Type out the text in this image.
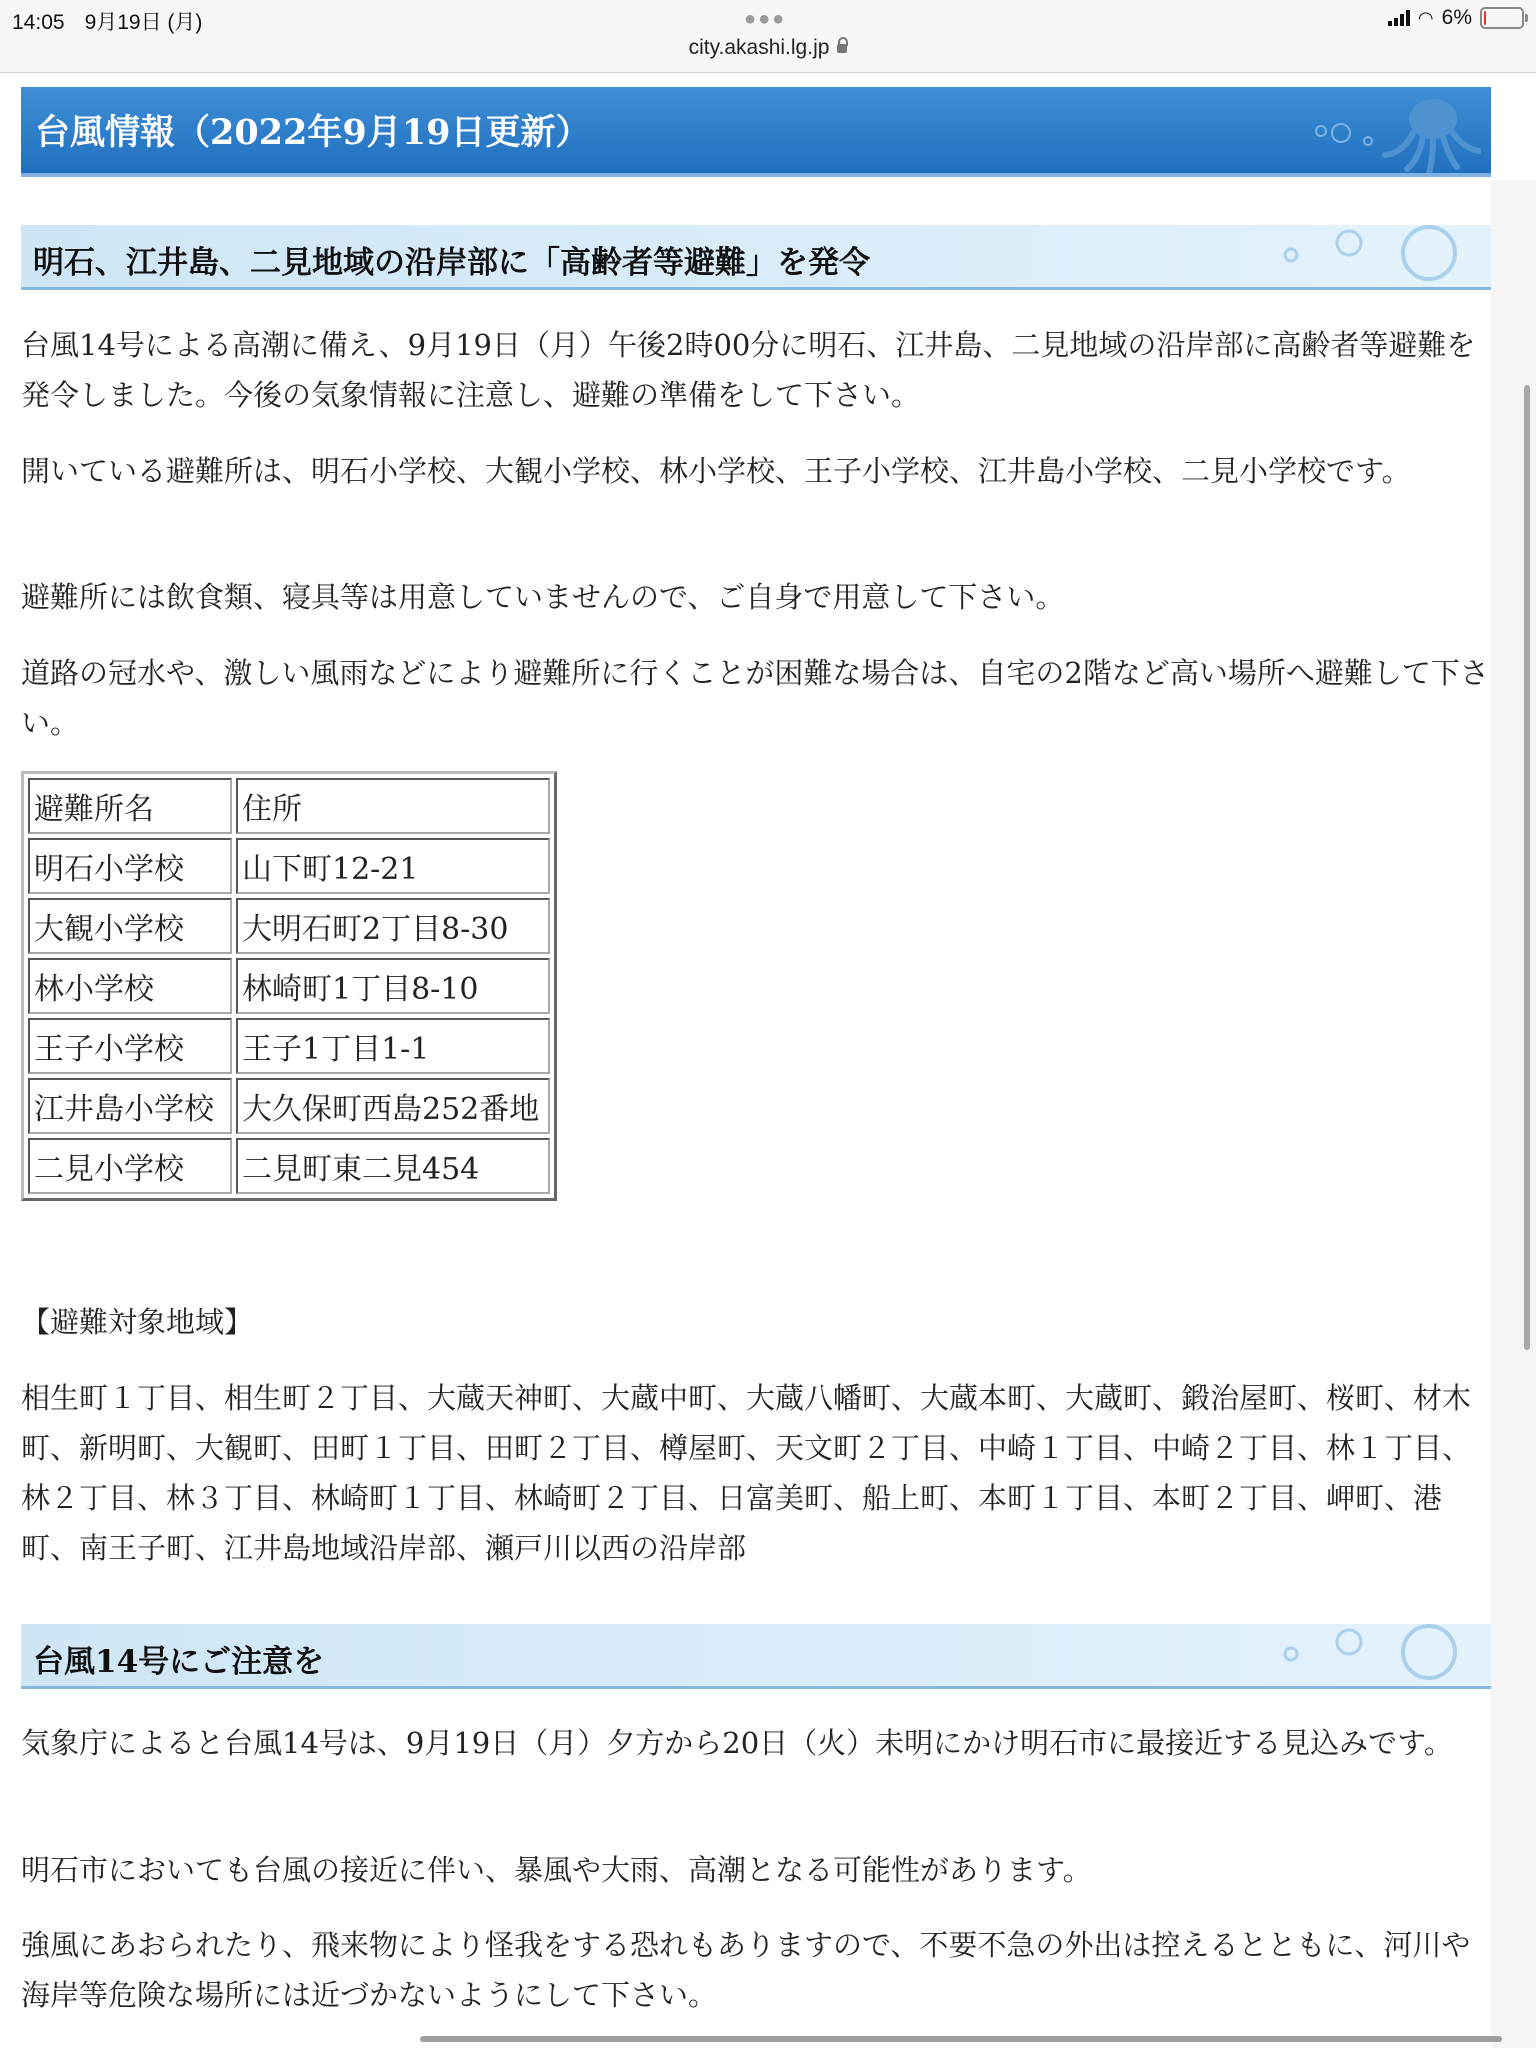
14:05 9月19日 (月)	●●●
city.akashi.lg.jp
◠ 6%
台風情報（2022年9月19日更新）
明石、江井島、二見地域の沿岸部に「高齢者等避難」を発令

台風14号による高潮に備え、9月19日（月）午後2時00分に明石、江井島、二見地域の沿岸部に高齢者等避難を発令しました。今後の気象情報に注意し、避難の準備をして下さい。

開いている避難所は、明石小学校、大観小学校、林小学校、王子小学校、江井島小学校、二見小学校です。

避難所には飲食類、寝具等は用意していませんので、ご自身で用意して下さい。

道路の冠水や、激しい風雨などにより避難所に行くことが困難な場合は、自宅の2階など高い場所へ避難して下さい。

避難所名	住所
明石小学校	山下町12-21
大観小学校	大明石町2丁目8-30
林小学校	林崎町1丁目8-10
王子小学校	王子1丁目1-1
江井島小学校	大久保町西島252番地
二見小学校	二見町東二見454

【避難対象地域】

相生町１丁目、相生町２丁目、大蔵天神町、大蔵中町、大蔵八幡町、大蔵本町、大蔵町、鍛治屋町、桜町、材木町、新明町、大観町、田町１丁目、田町２丁目、樽屋町、天文町２丁目、中崎１丁目、中崎２丁目、林１丁目、林２丁目、林３丁目、林崎町１丁目、林崎町２丁目、日富美町、船上町、本町１丁目、本町２丁目、岬町、港町、南王子町、江井島地域沿岸部、瀬戸川以西の沿岸部

台風14号にご注意を

気象庁によると台風14号は、9月19日（月）夕方から20日（火）未明にかけ明石市に最接近する見込みです。

明石市においても台風の接近に伴い、暴風や大雨、高潮となる可能性があります。

強風にあおられたり、飛来物により怪我をする恐れもありますので、不要不急の外出は控えるとともに、河川や海岸等危険な場所には近づかないようにして下さい。
